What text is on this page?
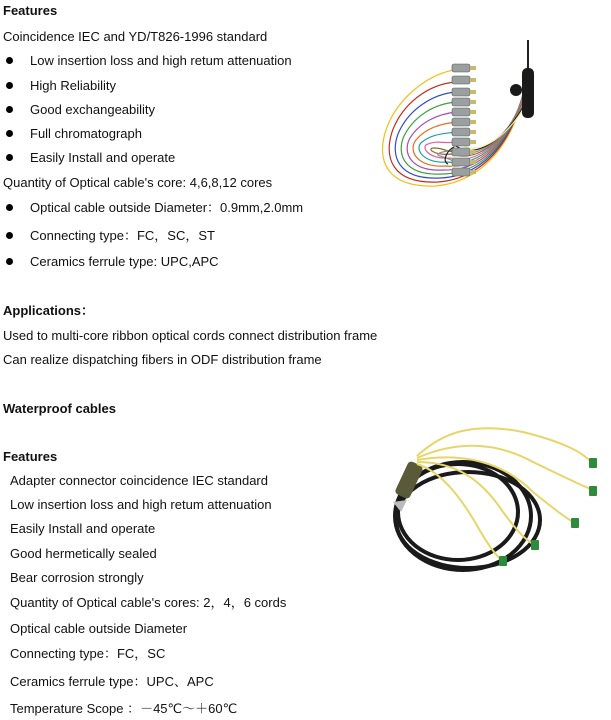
Features
Coincidence IEC and YD/T826-1996 standard
Low insertion loss and high retum attenuation
High Reliability
Good exchangeability
Full chromatograph
Easily Install and operate
Quantity of Optical cable's core: 4,6,8,12 cores
Optical cable outside Diameter：0.9mm,2.0mm
Connecting type：FC，SC，ST
Ceramics ferrule type: UPC,APC
Applications：
Used to multi-core ribbon optical cords connect distribution frame
Can realize dispatching fibers in ODF distribution frame
Waterproof cables
Features
Adapter connector coincidence IEC standard
Low insertion loss and high retum attenuation
Easily Install and operate
Good hermetically sealed
Bear corrosion strongly
Quantity of Optical cable's cores: 2，4，6 cords
Optical cable outside Diameter
Connecting type：FC，SC
Ceramics ferrule type：UPC、APC
Temperature Scope ：－45℃～＋60℃
